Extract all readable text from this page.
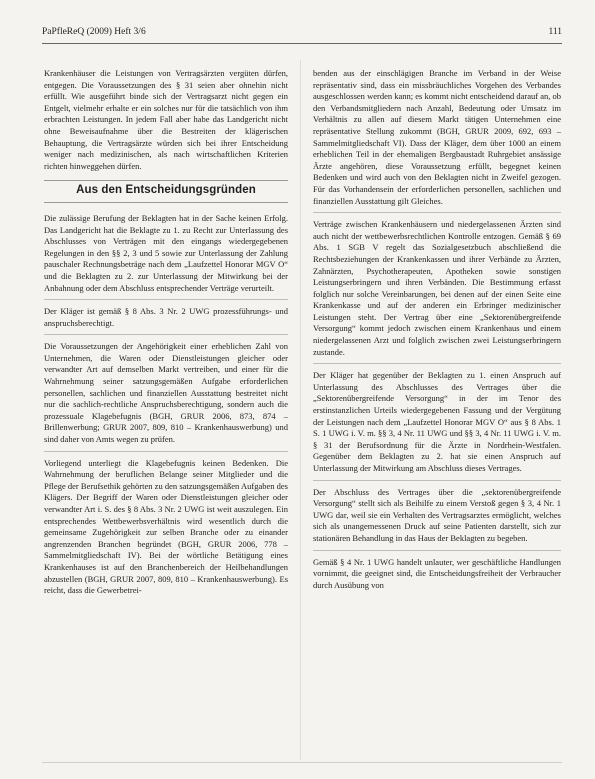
PaPfleReQ (2009) Heft 3/6	111

Krankenhäuser die Leistungen von Vertragsärzten vergüten dürfen, entgegen. Die Voraussetzungen des § 31 seien aber ohnehin nicht erfüllt. Wie ausgeführt binde sich der Vertragsarzt nicht gegen ein Entgelt, vielmehr erhalte er ein solches nur für die tatsächlich von ihm erbrachten Leistungen. In jedem Fall aber habe das Landgericht nicht ohne Beweisaufnahme über die Bestreiten der klägerischen Behauptung, die Vertragsärzte würden sich bei ihrer Entscheidung weniger nach medizinischen, als nach wirtschaftlichen Kriterien richten hinweggehen dürfen.

Aus den Entscheidungsgründen

Die zulässige Berufung der Beklagten hat in der Sache keinen Erfolg. Das Landgericht hat die Beklagte zu 1. zu Recht zur Unterlassung des Abschlusses von Verträgen mit den eingangs wiedergegebenen Regelungen in den §§ 2, 3 und 5 sowie zur Unterlassung der Zahlung pauschaler Rechnungsbeträge nach dem „Laufzettel Honorar MGV O“ und die Beklagten zu 2. zur Unterlassung der Mitwirkung bei der Anbahnung oder dem Abschluss entsprechender Verträge verurteilt.

Der Kläger ist gemäß § 8 Abs. 3 Nr. 2 UWG prozessführungs- und anspruchsberechtigt.

Die Voraussetzungen der Angehörigkeit einer erheblichen Zahl von Unternehmen, die Waren oder Dienstleistungen gleicher oder verwandter Art auf demselben Markt vertreiben, und einer für die Wahrnehmung seiner satzungsgemäßen Aufgabe erforderlichen personellen, sachlichen und finanziellen Ausstattung bestreitet nicht nur die sachlich-rechtliche Anspruchsberechtigung, sondern auch die prozessuale Klagebefugnis (BGH, GRUR 2006, 873, 874 – Brillenwerbung; GRUR 2007, 809, 810 – Krankenhauswerbung) und sind daher von Amts wegen zu prüfen.

Vorliegend unterliegt die Klagebefugnis keinen Bedenken. Die Wahrnehmung der beruflichen Belange seiner Mitglieder und die Pflege der Berufsethik gehörten zu den satzungsgemäßen Aufgaben des Klägers. Der Begriff der Waren oder Dienstleistungen gleicher oder verwandter Art i. S. des § 8 Abs. 3 Nr. 2 UWG ist weit auszulegen. Ein entsprechendes Wettbewerbsverhältnis wird wesentlich durch die gemeinsame Zugehörigkeit zur selben Branche oder zu einander angrenzenden Branchen begründet (BGH, GRUR 2006, 778 – Sammelmitgliedschaft IV). Bei der wörtliche Betätigung eines Krankenhauses ist auf den Branchenbereich der Heilbehandlungen abzustellen (BGH, GRUR 2007, 809, 810 – Krankenhauswerbung). Es reicht, dass die Gewerbetrei-

benden aus der einschlägigen Branche im Verband in der Weise repräsentativ sind, dass ein missbräuchliches Vorgehen des Verbandes ausgeschlossen werden kann; es kommt nicht entscheidend darauf an, ob den Verbandsmitgliedern nach Anzahl, Bedeutung oder Umsatz im Verhältnis zu allen auf diesem Markt tätigen Unternehmen eine repräsentative Stellung zukommt (BGH, GRUR 2009, 692, 693 – Sammelmitgliedschaft VI). Dass der Kläger, dem über 1000 an einem erheblichen Teil in der ehemaligen Bergbaustadt Ruhrgebiet ansässige Ärzte angehören, diese Voraussetzung erfüllt, begegnet keinen Bedenken und wird auch von den Beklagten nicht in Zweifel gezogen. Für das Vorhandensein der erforderlichen personellen, sachlichen und finanziellen Ausstattung gilt Gleiches.

Verträge zwischen Krankenhäusern und niedergelassenen Ärzten sind auch nicht der wettbewerbsrechtlichen Kontrolle entzogen. Gemäß § 69 Abs. 1 SGB V regelt das Sozialgesetzbuch abschließend die Rechtsbeziehungen der Krankenkassen und ihrer Verbände zu Ärzten, Zahnärzten, Psychotherapeuten, Apotheken sowie sonstigen Leistungserbringern und ihren Verbänden. Die Bestimmung erfasst folglich nur solche Vereinbarungen, bei denen auf der einen Seite eine Krankenkasse und auf der anderen ein Erbringer medizinischer Leistungen steht. Der Vertrag über eine „Sektorenübergreifende Versorgung“ kommt jedoch zwischen einem Krankenhaus und einem niedergelassenen Arzt und folglich zwischen zwei Leistungserbringern zustande.

Der Kläger hat gegenüber der Beklagten zu 1. einen Anspruch auf Unterlassung des Abschlusses des Vertrages über die „Sektorenübergreifende Versorgung“ in der im Tenor des erstinstanzlichen Urteils wiedergegebenen Fassung und der Vergütung der Leistungen nach dem „Laufzettel Honorar MGV O“ aus § 8 Abs. 1 S. 1 UWG i. V. m. §§ 3, 4 Nr. 11 UWG und §§ 3, 4 Nr. 11 UWG i. V. m. § 31 der Berufsordnung für die Ärzte in Nordrhein-Westfalen. Gegenüber dem Beklagten zu 2. hat sie einen Anspruch auf Unterlassung der Mitwirkung am Abschluss dieses Vertrages.

Der Abschluss des Vertrages über die „sektorenübergreifende Versorgung“ stellt sich als Beihilfe zu einem Verstoß gegen § 3, 4 Nr. 1 UWG dar, weil sie ein Verhalten des Vertragsarztes ermöglicht, welches sich als unangemessenen Druck auf seine Patienten darstellt, sich zur stationären Behandlung in das Haus der Beklagten zu begeben.

Gemäß § 4 Nr. 1 UWG handelt unlauter, wer geschäftliche Handlungen vornimmt, die geeignet sind, die Entscheidungsfreiheit der Verbraucher durch Ausübung von
